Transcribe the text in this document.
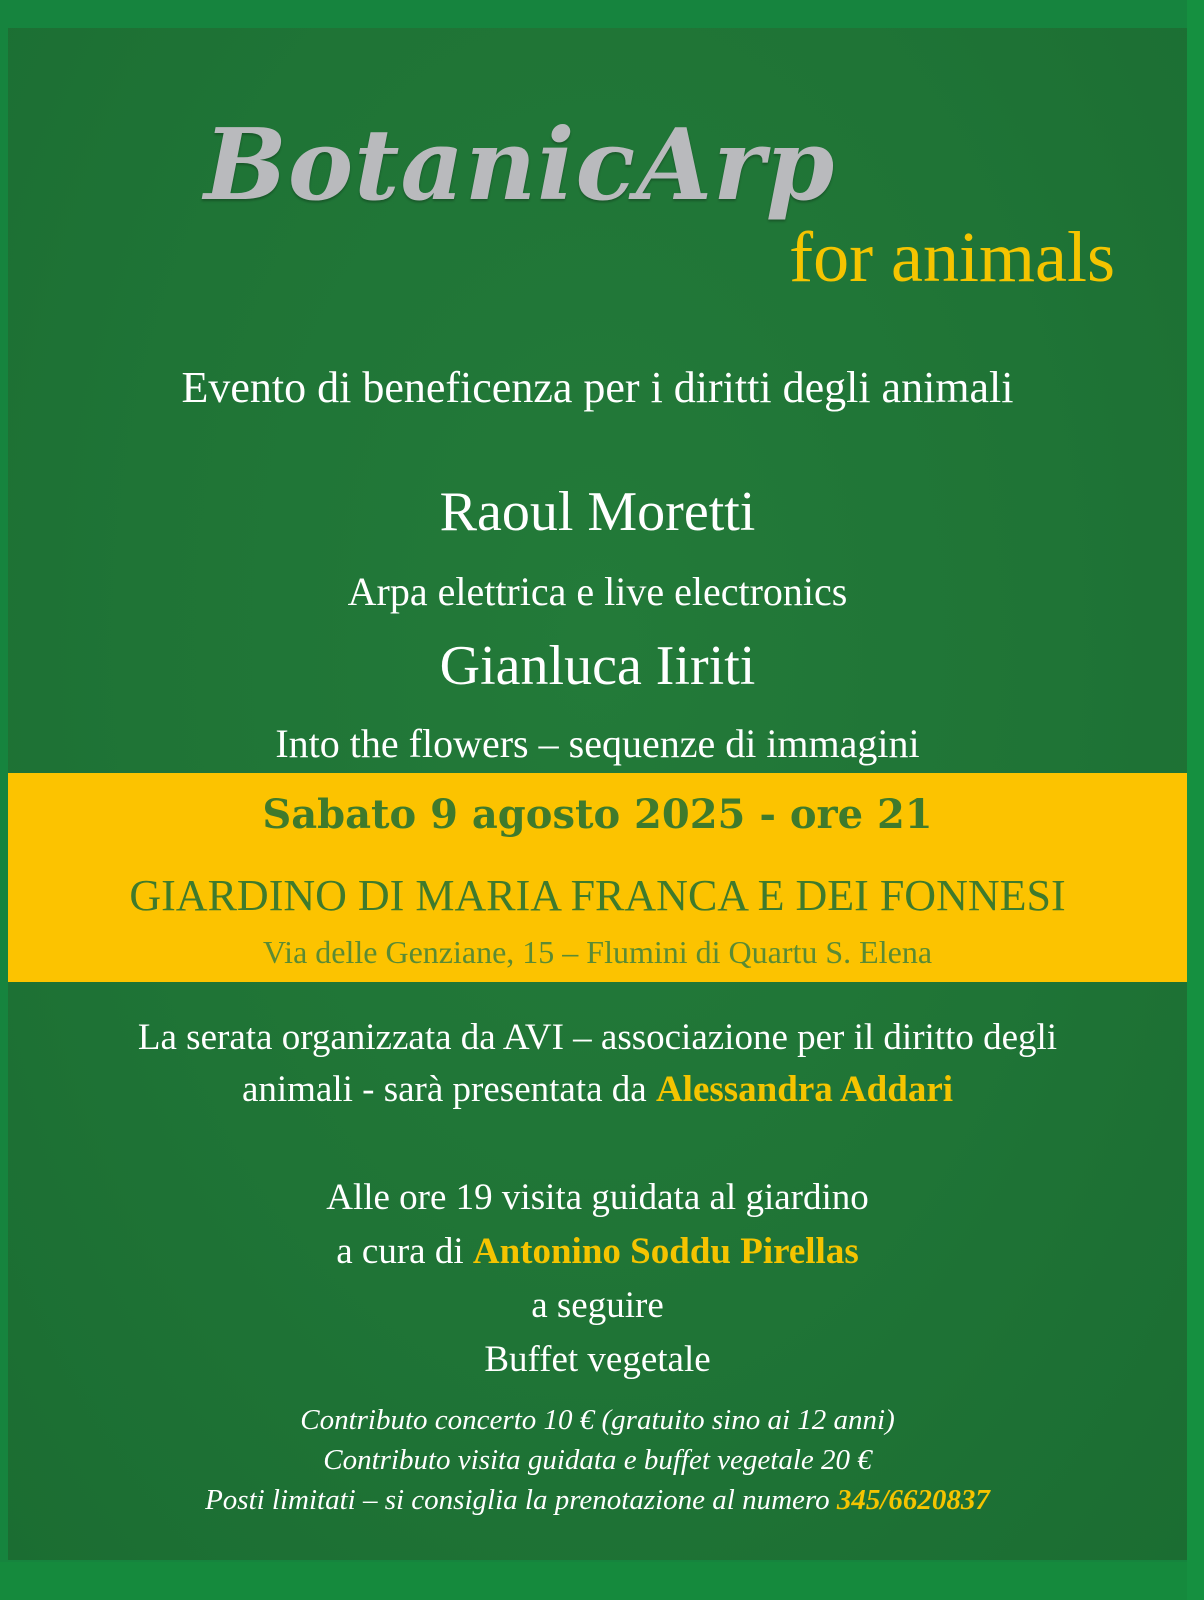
BotanicArp
for animals
Evento di beneficenza per i diritti degli animali
Raoul Moretti
Arpa elettrica e live electronics
Gianluca Iiriti
Into the flowers – sequenze di immagini
Sabato 9 agosto 2025 - ore 21
GIARDINO DI MARIA FRANCA E DEI FONNESI
Via delle Genziane, 15 – Flumini di Quartu S. Elena
La serata organizzata da AVI – associazione per il diritto degli
animali - sarà presentata da Alessandra Addari
Alle ore 19 visita guidata al giardino
a cura di Antonino Soddu Pirellas
a seguire
Buffet vegetale
Contributo concerto 10 € (gratuito sino ai 12 anni)
Contributo visita guidata e buffet vegetale 20 €
Posti limitati – si consiglia la prenotazione al numero 345/6620837
